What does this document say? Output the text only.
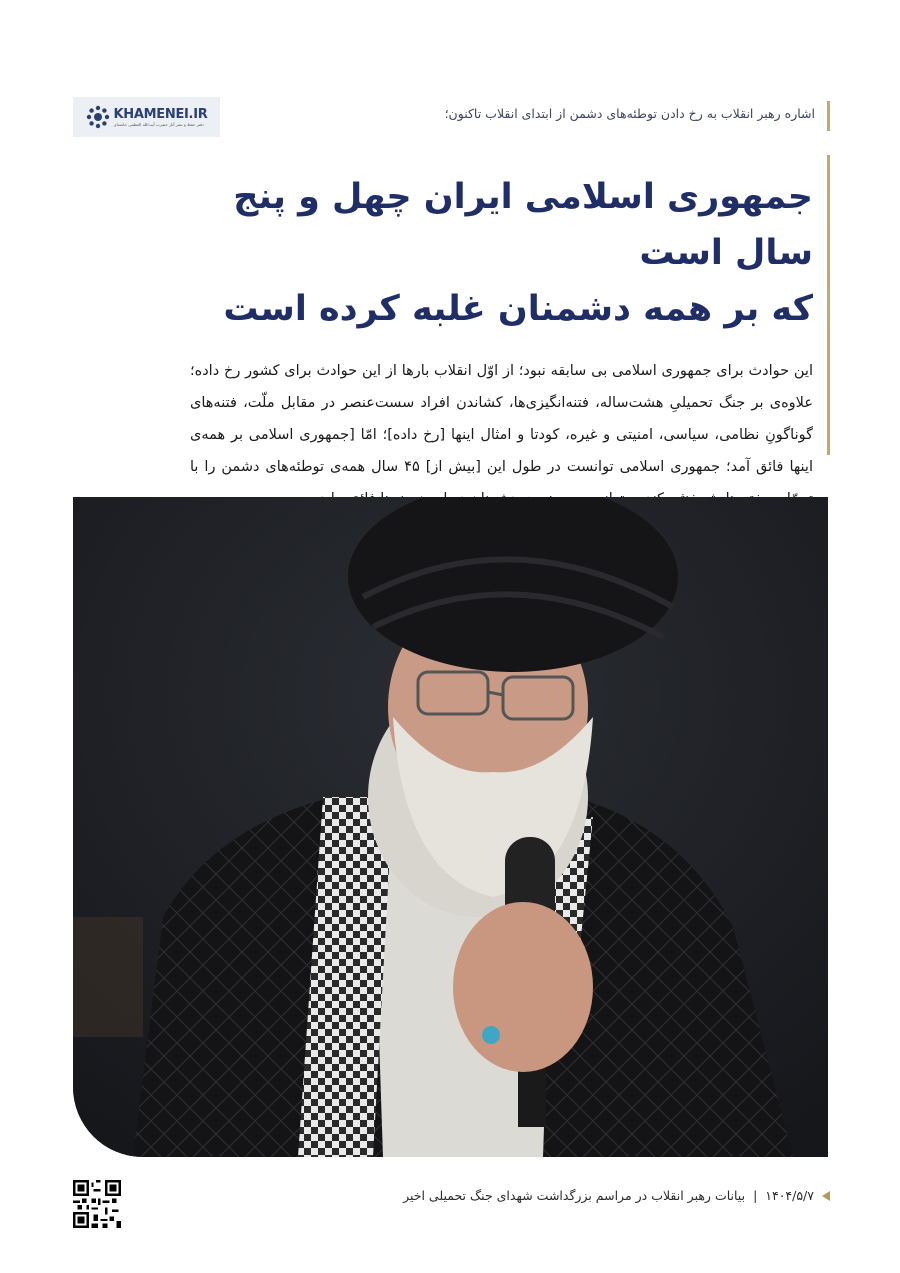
KHAMENEI.IR
دفتر حفظ و نشر آثار حضرت آیت‌الله العظمی خامنه‌ای
اشاره رهبر انقلاب به رخ دادن توطئه‌های دشمن از ابتدای انقلاب تاکنون؛
جمهوری اسلامی ایران چهل و پنج سال است
که بر همه دشمنان غلبه کرده است

این حوادث برای جمهوری اسلامی بی سابقه نبود؛ از اوّل انقلاب بارها از این حوادث برای کشور رخ داده؛ علاوه‌ی بر جنگ تحمیلیِ هشت‌ساله، فتنه‌انگیزی‌ها، کشاندن افراد سست‌عنصر در مقابل ملّت، فتنه‌های گوناگونِ نظامی، سیاسی، امنیتی و غیره، کودتا و امثال اینها [رخ داده]؛ امّا [جمهوری اسلامی بر همه‌ی اینها فائق آمد؛ جمهوری اسلامی توانست در طول این [بیش از] ۴۵ سال همه‌ی توطئه‌های دشمن را با

۱۴۰۴/۵/۷
|
بیانات رهبر انقلاب در مراسم بزرگداشت شهدای جنگ تحمیلی اخیر
